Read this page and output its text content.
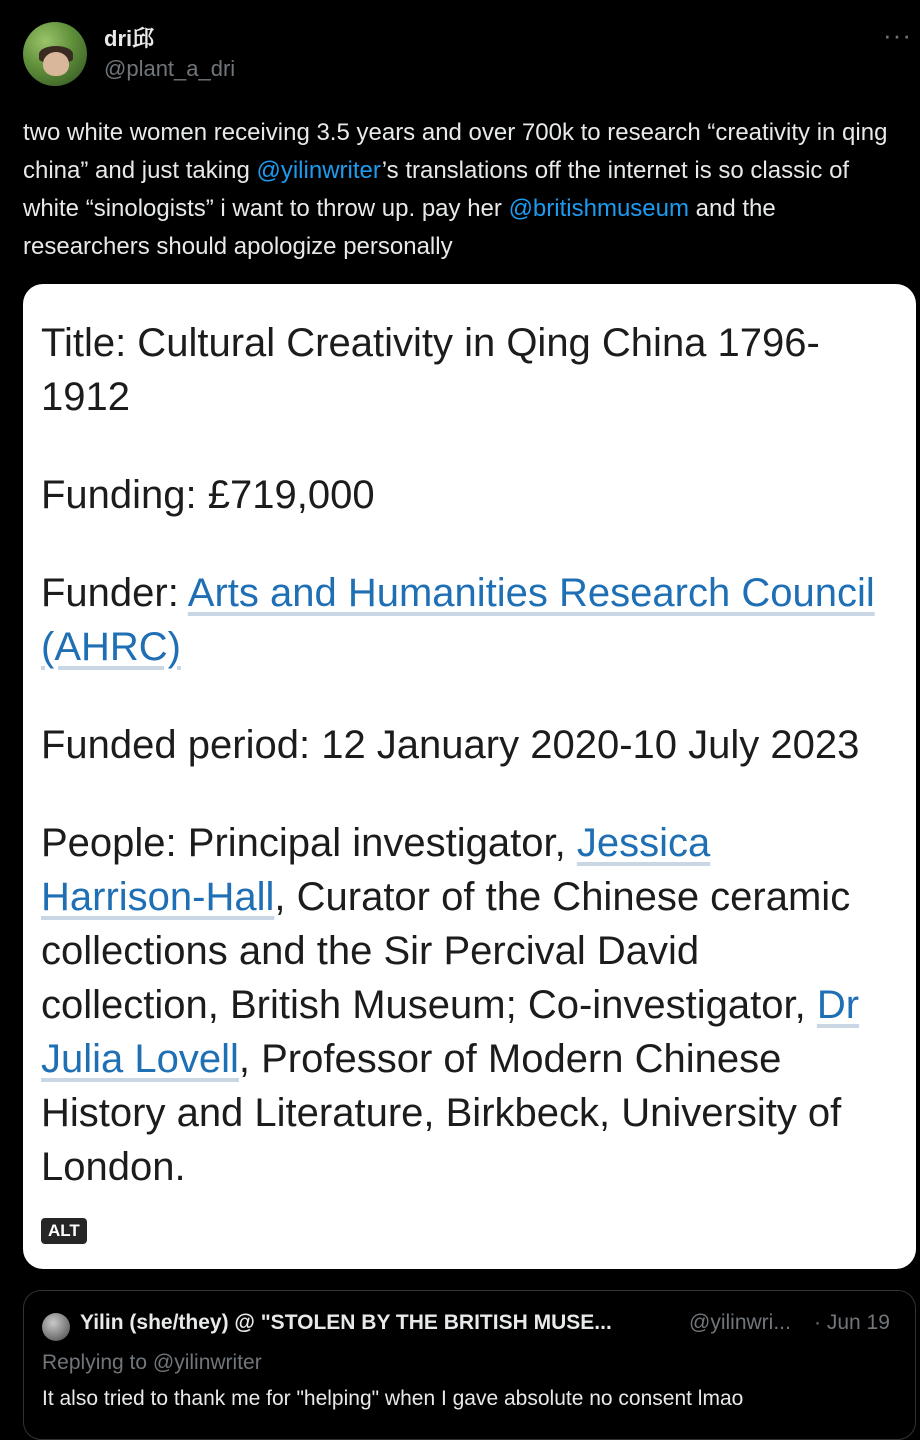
dri邱
@plant_a_dri
···
two white women receiving 3.5 years and over 700k to research “creativity in qing china” and just taking @yilinwriter’s translations off the internet is so classic of white “sinologists” i want to throw up. pay her @britishmuseum and the researchers should apologize personally

Title: Cultural Creativity in Qing China 1796-1912

Funding: £719,000

Funder: Arts and Humanities Research Council (AHRC)

Funded period: 12 January 2020-10 July 2023

People: Principal investigator, Jessica Harrison-Hall, Curator of the Chinese ceramic collections and the Sir Percival David collection, British Museum; Co-investigator, Dr Julia Lovell, Professor of Modern Chinese History and Literature, Birkbeck, University of London.

ALT
Yilin (she/they) @ "STOLEN BY THE BRITISH MUSE...	@yilinwri... · Jun 19
Replying to @yilinwriter
It also tried to thank me for "helping" when I gave absolute no consent lmao
